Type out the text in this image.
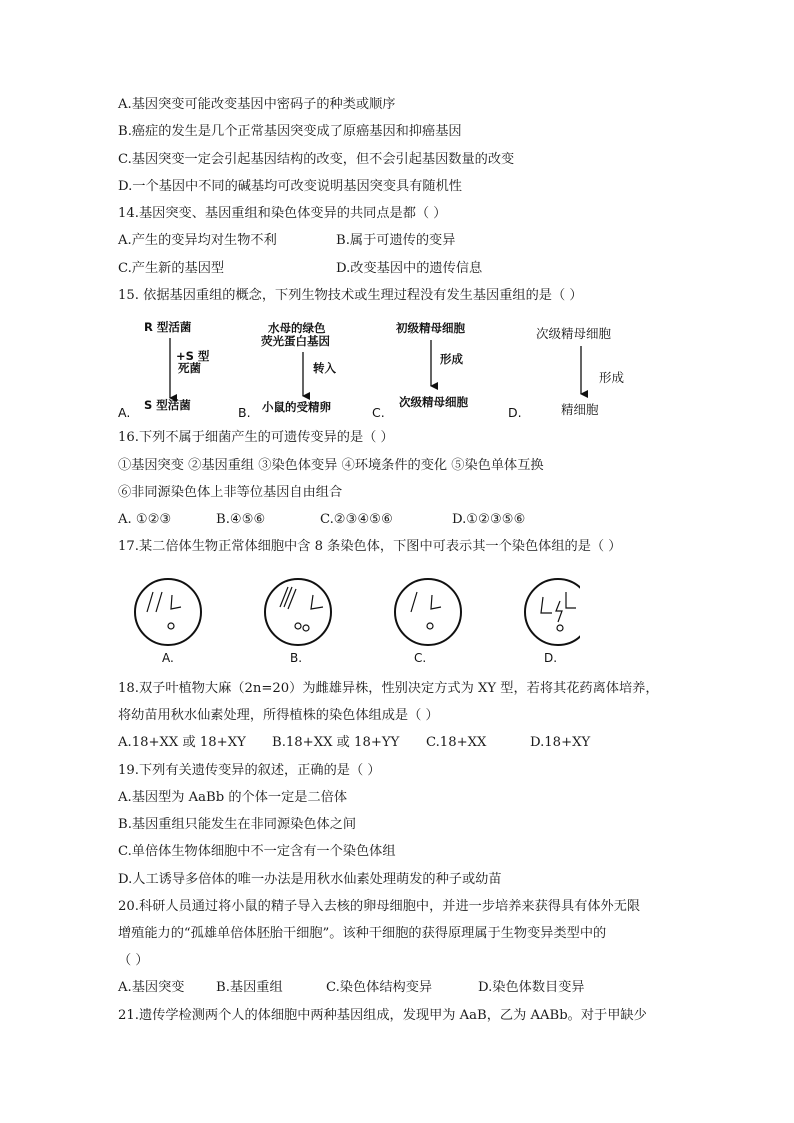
A.基因突变可能改变基因中密码子的种类或顺序
B.癌症的发生是几个正常基因突变成了原癌基因和抑癌基因
C.基因突变一定会引起基因结构的改变，但不会引起基因数量的改变
D.一个基因中不同的碱基均可改变说明基因突变具有随机性
14.基因突变、基因重组和染色体变异的共同点是都（ ）
A.产生的变异均对生物不利	B.属于可遗传的变异
C.产生新的基因型	D.改变基因中的遗传信息
15. 依据基因重组的概念，下列生物技术或生理过程没有发生基因重组的是（ ）
R 型活菌
+S 型
死菌
S 型活菌
A.
水母的绿色
荧光蛋白基因
转入
小鼠的受精卵
B.
初级精母细胞
形成
次级精母细胞
C.
次级精母细胞
形成
精细胞
D.
16.下列不属于细菌产生的可遗传变异的是（ ）
①基因突变 ②基因重组 ③染色体变异 ④环境条件的变化 ⑤染色单体互换
⑥非同源染色体上非等位基因自由组合
A. ①②③	B.④⑤⑥	C.②③④⑤⑥	D.①②③⑤⑥
17.某二倍体生物正常体细胞中含 8 条染色体，下图中可表示其一个染色体组的是（ ）
A.	B.	C.	D.
18.双子叶植物大麻（2n=20）为雌雄异株，性别决定方式为 XY 型，若将其花药离体培养，
将幼苗用秋水仙素处理，所得植株的染色体组成是（ ）
A.18+XX 或 18+XY B.18+XX 或 18+YY C.18+XX	D.18+XY
19.下列有关遗传变异的叙述，正确的是（ ）
A.基因型为 AaBb 的个体一定是二倍体
B.基因重组只能发生在非同源染色体之间
C.单倍体生物体细胞中不一定含有一个染色体组
D.人工诱导多倍体的唯一办法是用秋水仙素处理萌发的种子或幼苗
20.科研人员通过将小鼠的精子导入去核的卵母细胞中，并进一步培养来获得具有体外无限
增殖能力的“孤雄单倍体胚胎干细胞”。该种干细胞的获得原理属于生物变异类型中的
（ ）
A.基因突变 B.基因重组	C.染色体结构变异	D.染色体数目变异
21.遗传学检测两个人的体细胞中两种基因组成，发现甲为 AaB，乙为 AABb。对于甲缺少
